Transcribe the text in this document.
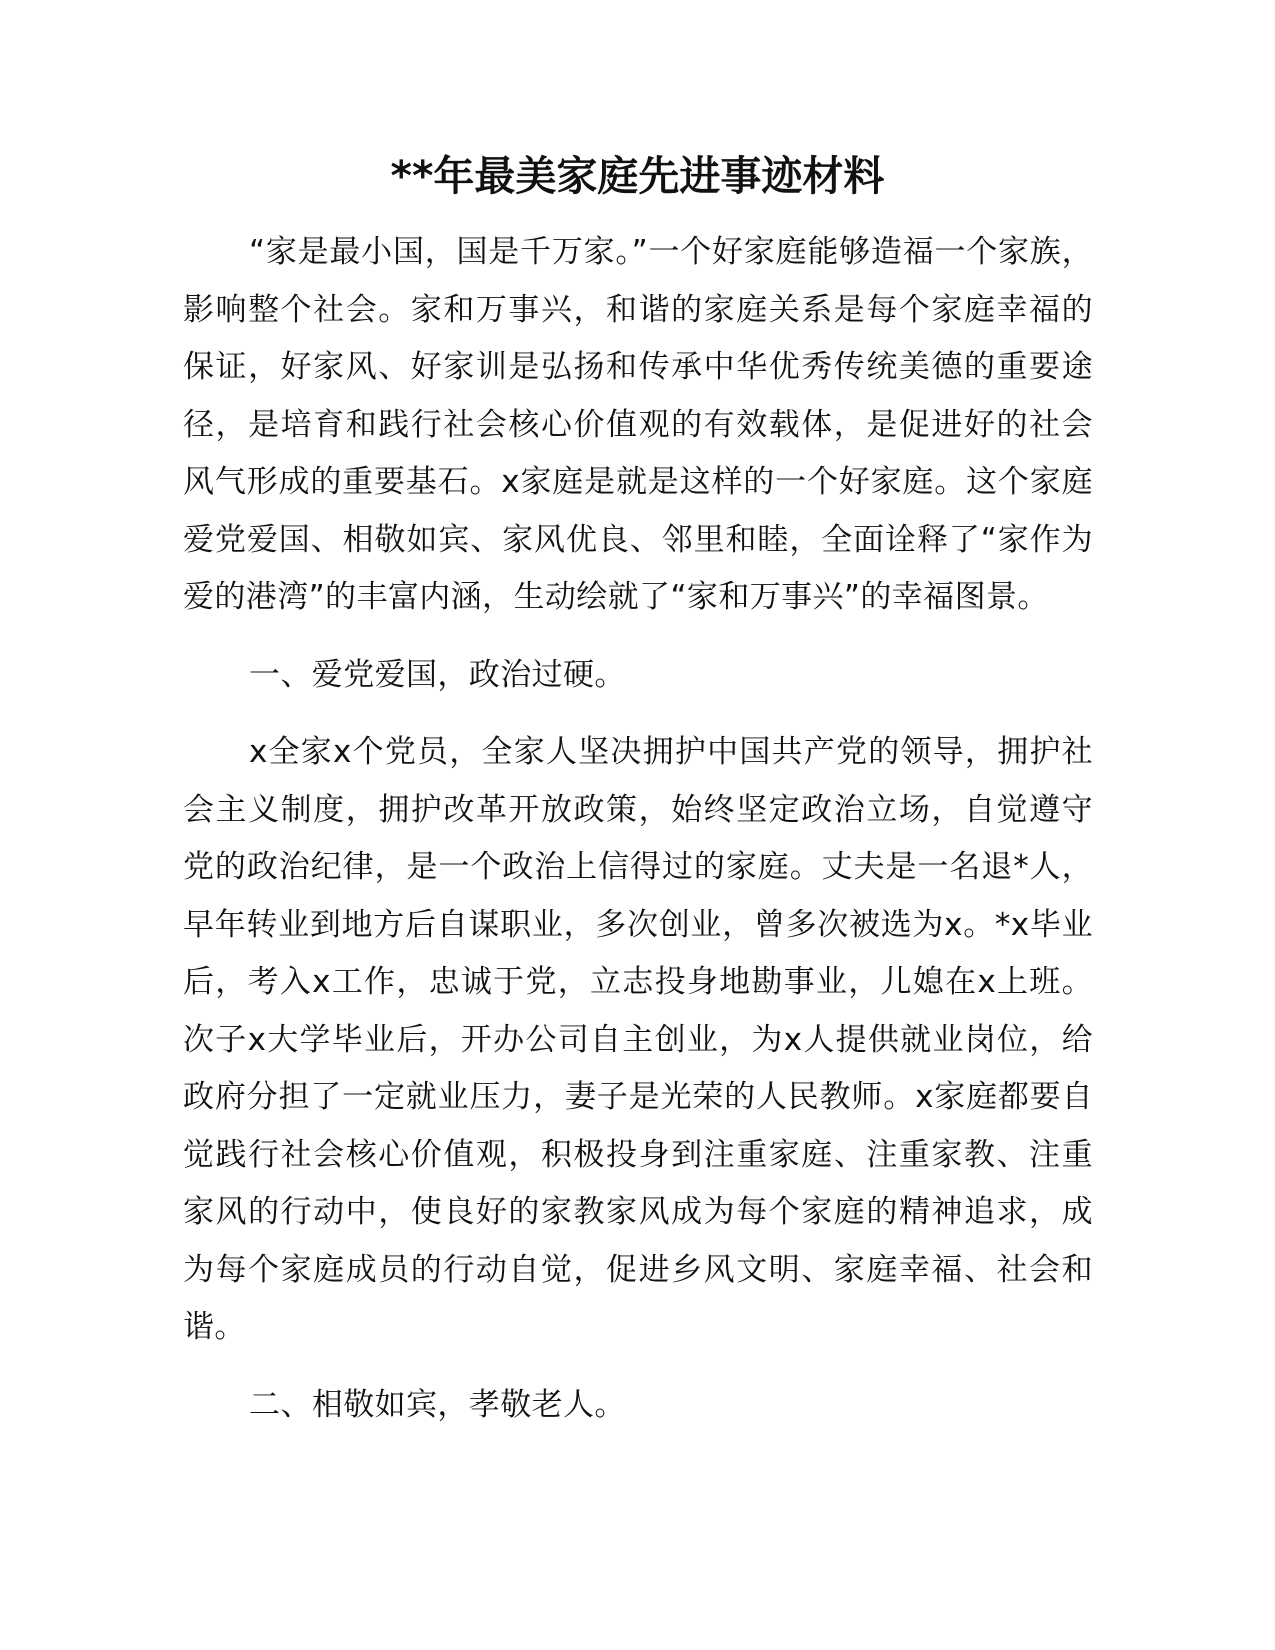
**年最美家庭先进事迹材料

“家是最小国，国是千万家。”一个好家庭能够造福一个家族，影响整个社会。家和万事兴，和谐的家庭关系是每个家庭幸福的保证，好家风、好家训是弘扬和传承中华优秀传统美德的重要途径，是培育和践行社会核心价值观的有效载体，是促进好的社会风气形成的重要基石。x家庭是就是这样的一个好家庭。这个家庭爱党爱国、相敬如宾、家风优良、邻里和睦，全面诠释了“家作为爱的港湾”的丰富内涵，生动绘就了“家和万事兴”的幸福图景。

一、爱党爱国，政治过硬。

x全家x个党员，全家人坚决拥护中国共产党的领导，拥护社会主义制度，拥护改革开放政策，始终坚定政治立场，自觉遵守党的政治纪律，是一个政治上信得过的家庭。丈夫是一名退*人，早年转业到地方后自谋职业，多次创业，曾多次被选为x。*x毕业后，考入x工作，忠诚于党，立志投身地勘事业，儿媳在x上班。次子x大学毕业后，开办公司自主创业，为x人提供就业岗位，给政府分担了一定就业压力，妻子是光荣的人民教师。x家庭都要自觉践行社会核心价值观，积极投身到注重家庭、注重家教、注重家风的行动中，使良好的家教家风成为每个家庭的精神追求，成为每个家庭成员的行动自觉，促进乡风文明、家庭幸福、社会和谐。

二、相敬如宾，孝敬老人。
